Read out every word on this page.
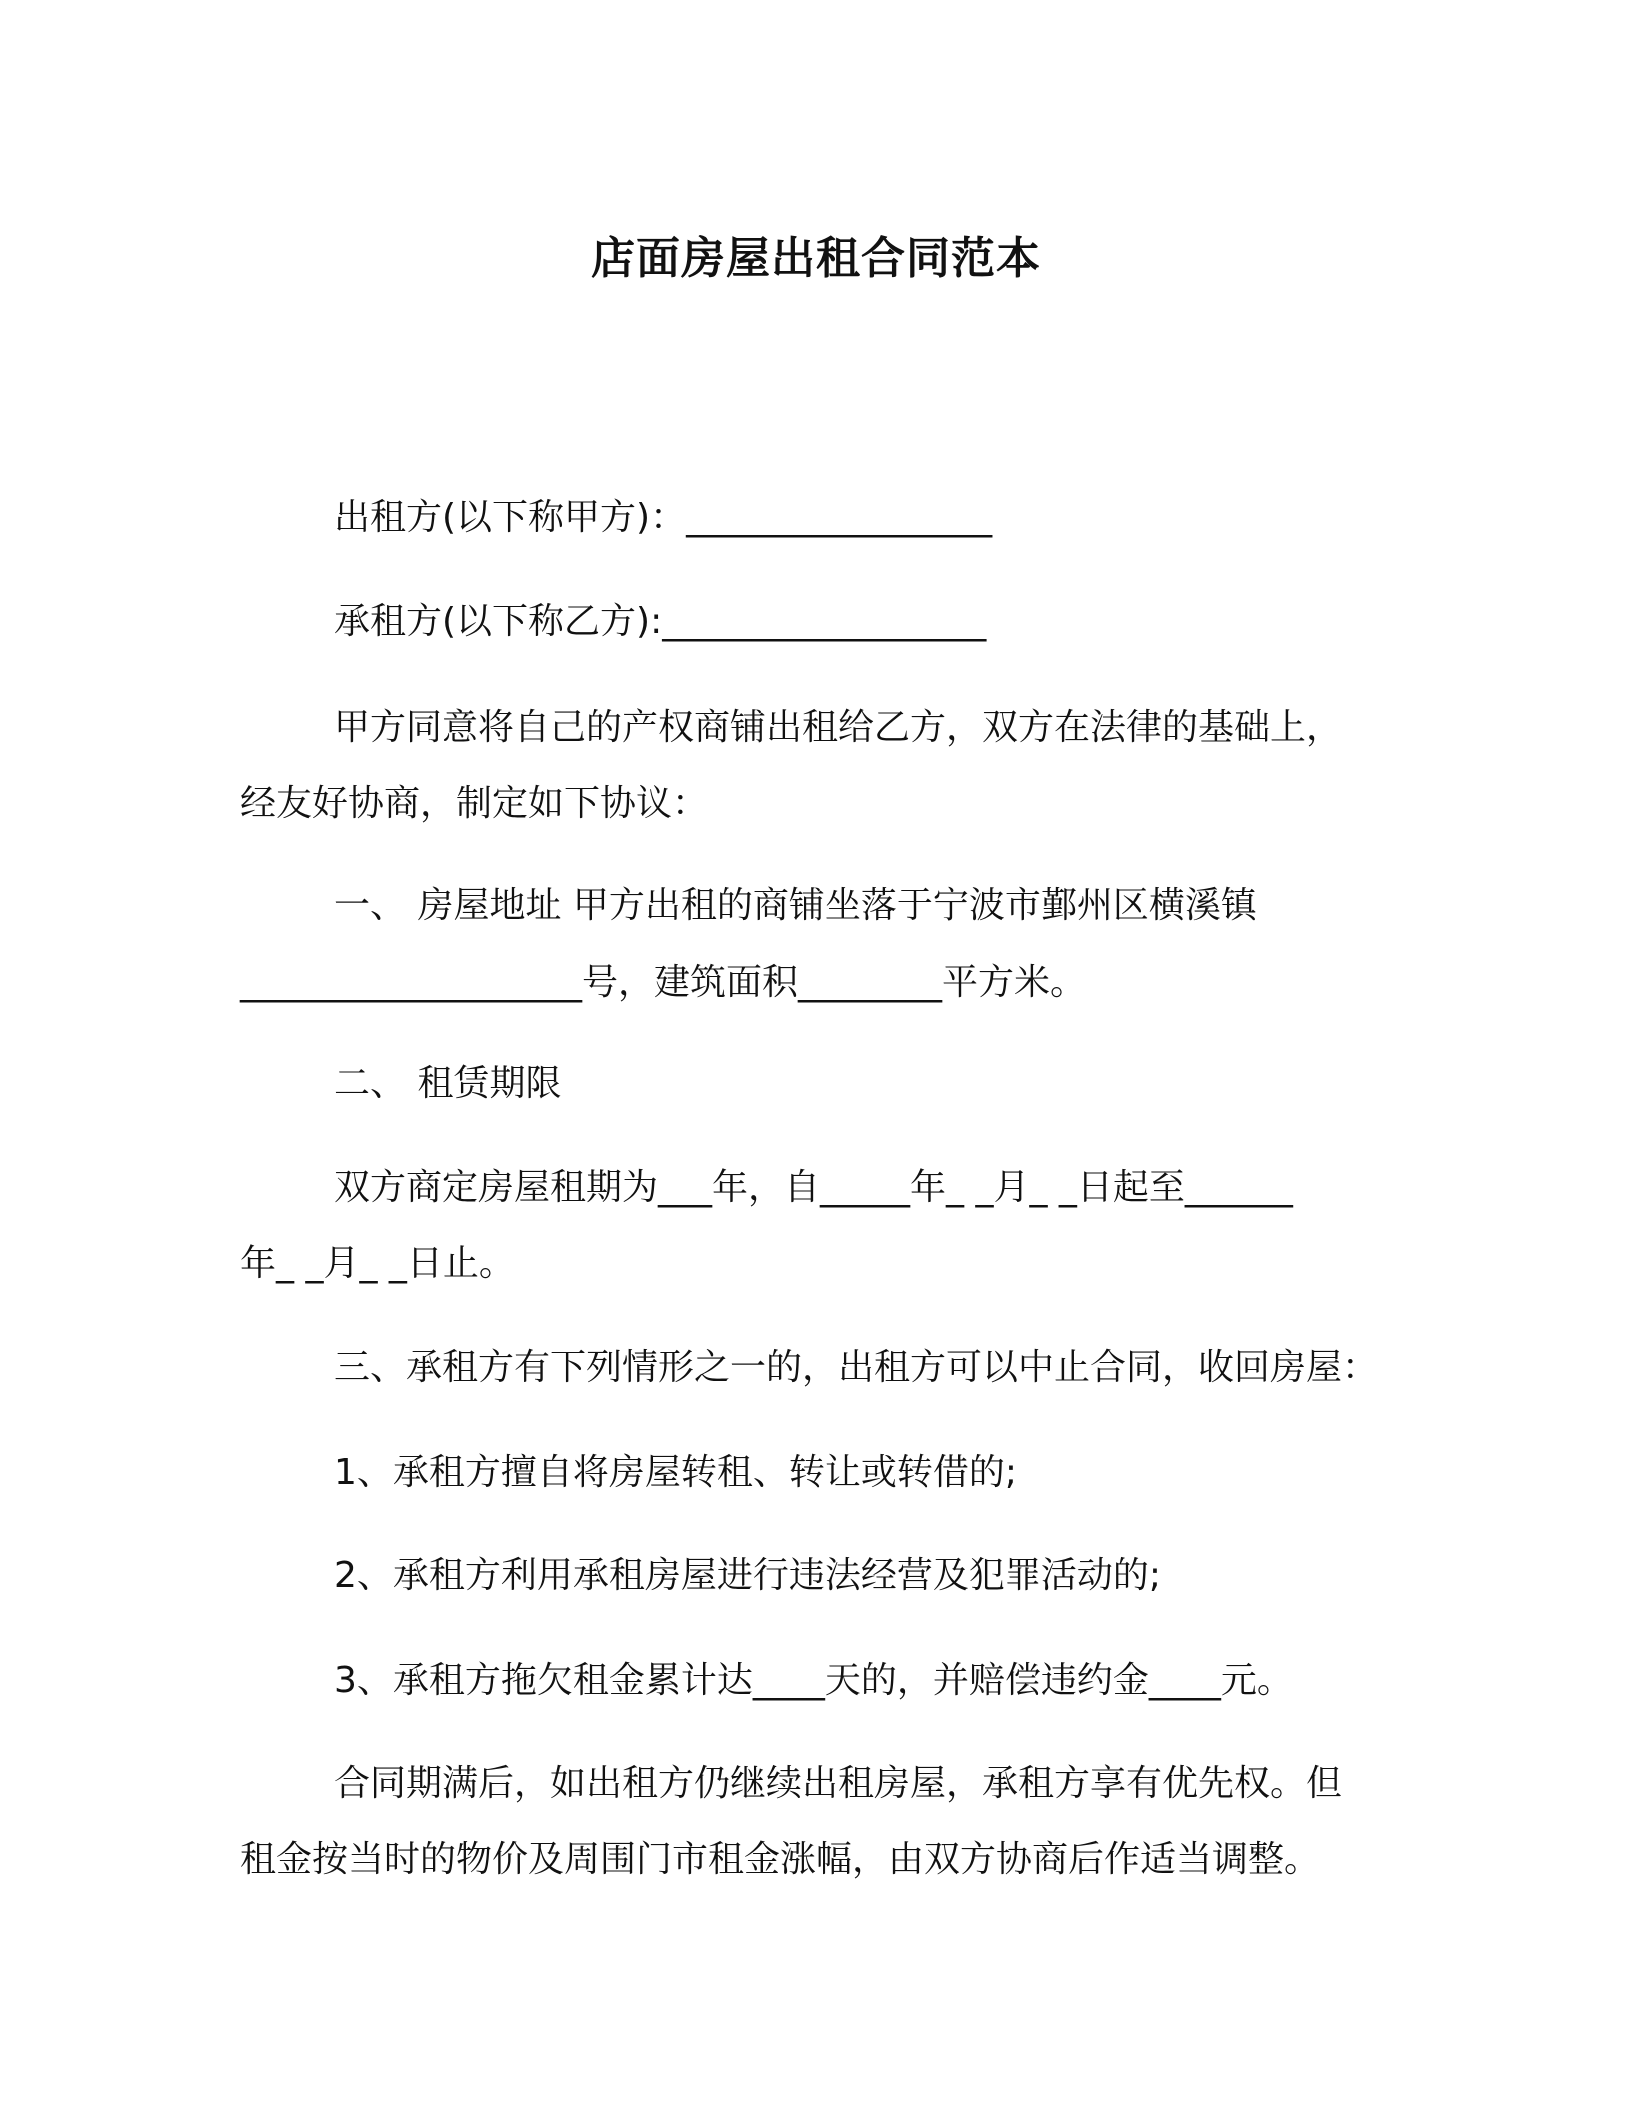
店面房屋出租合同范本
出租方(以下称甲方)：_________________
承租方(以下称乙方):__________________
甲方同意将自己的产权商铺出租给乙方，双方在法律的基础上，
经友好协商，制定如下协议：
一、 房屋地址 甲方出租的商铺坐落于宁波市鄞州区横溪镇
___________________号，建筑面积________平方米。
二、 租赁期限
双方商定房屋租期为___年，自_____年_ _月_ _日起至______
年_ _月_ _日止。
三、承租方有下列情形之一的，出租方可以中止合同，收回房屋：
1、承租方擅自将房屋转租、转让或转借的;
2、承租方利用承租房屋进行违法经营及犯罪活动的;
3、承租方拖欠租金累计达____天的，并赔偿违约金____元。
合同期满后，如出租方仍继续出租房屋，承租方享有优先权。但
租金按当时的物价及周围门市租金涨幅，由双方协商后作适当调整。
